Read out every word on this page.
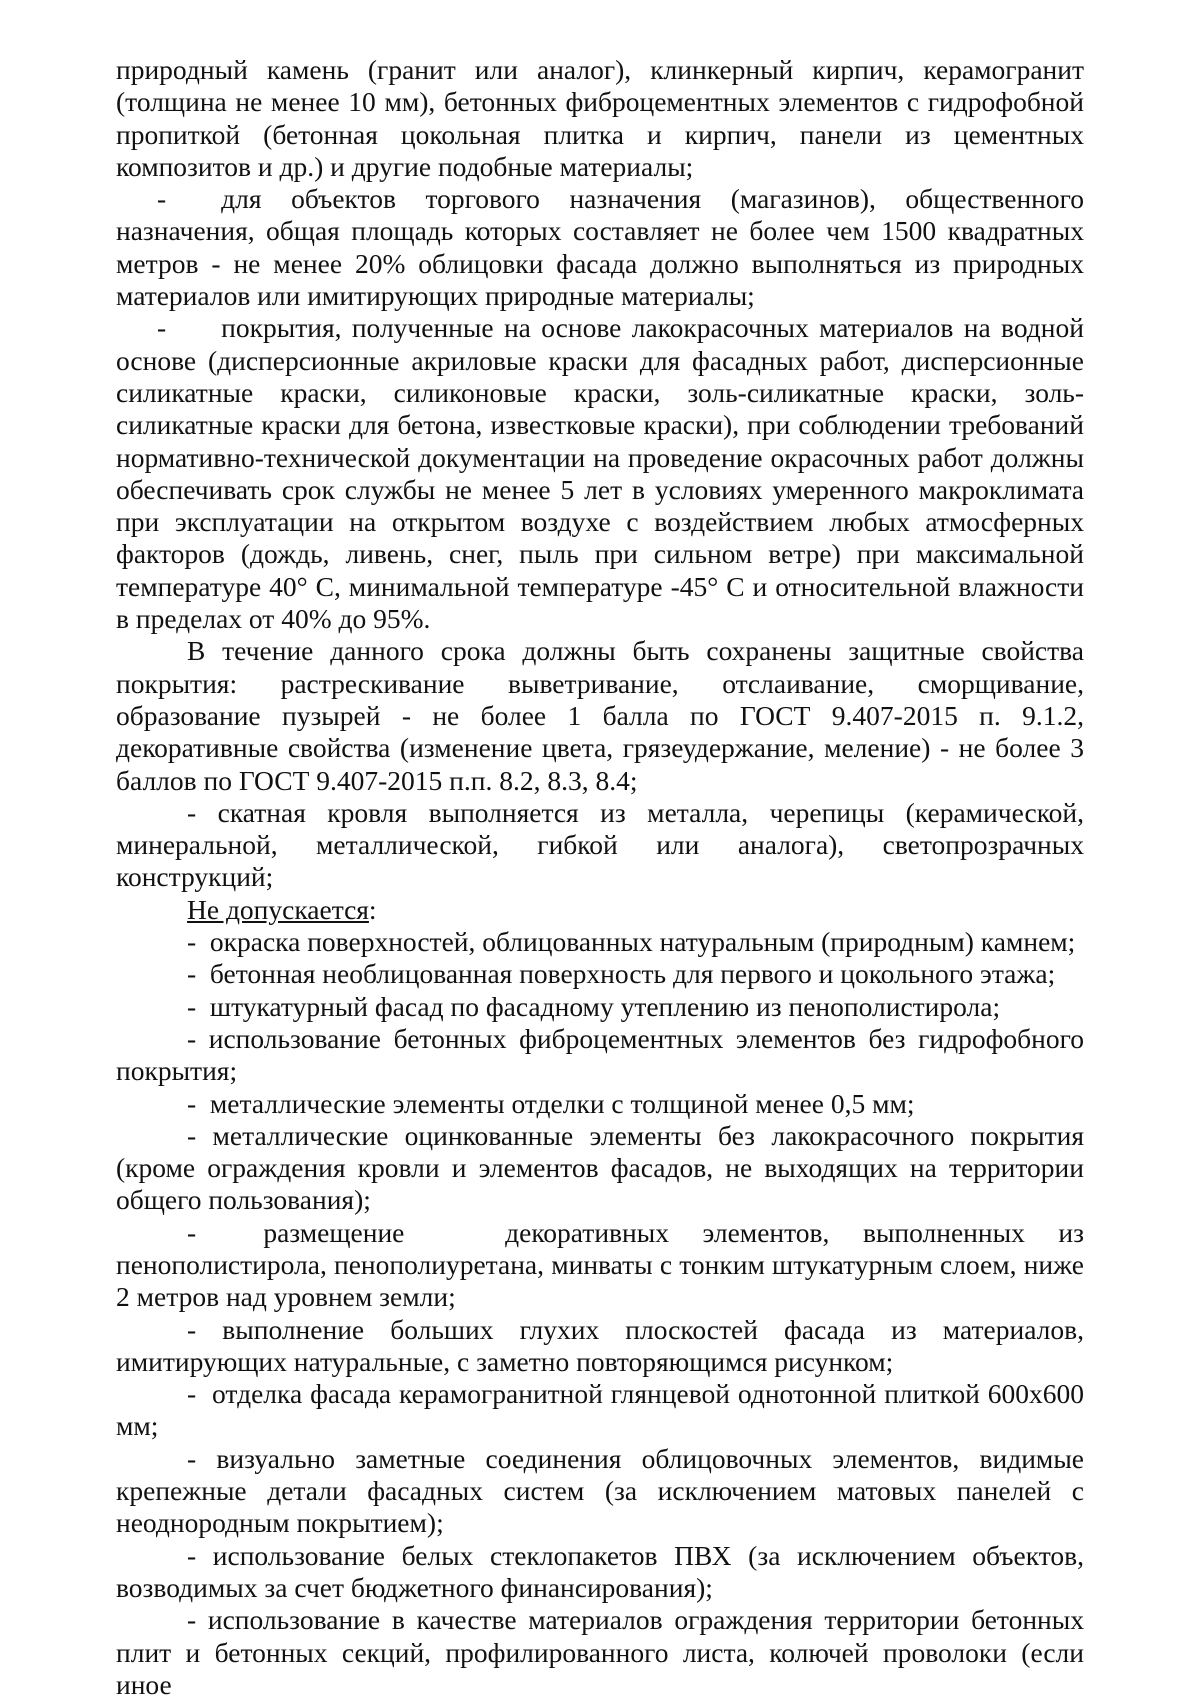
природный камень (гранит или аналог), клинкерный кирпич, керамогранит (толщина не менее 10 мм), бетонных фиброцементных элементов с гидрофобной пропиткой (бетонная цокольная плитка и кирпич, панели из цементных композитов и др.) и другие подобные материалы;

-  для объектов торгового назначения (магазинов), общественного назначения, общая площадь которых составляет не более чем 1500 квадратных метров - не менее 20% облицовки фасада должно выполняться из природных материалов или имитирующих природные материалы;

-  покрытия, полученные на основе лакокрасочных материалов на водной основе (дисперсионные акриловые краски для фасадных работ, дисперсионные силикатные краски, силиконовые краски, золь-силикатные краски, золь-силикатные краски для бетона, известковые краски), при соблюдении требований нормативно-технической документации на проведение окрасочных работ должны обеспечивать срок службы не менее 5 лет в условиях умеренного макроклимата при эксплуатации на открытом воздухе с воздействием любых атмосферных факторов (дождь, ливень, снег, пыль при сильном ветре) при максимальной температуре 40° С, минимальной температуре -45° С и относительной влажности в пределах от 40% до 95%.

В течение данного срока должны быть сохранены защитные свойства покрытия: растрескивание выветривание, отслаивание, сморщивание, образование пузырей - не более 1 балла по ГОСТ 9.407-2015 п. 9.1.2, декоративные свойства (изменение цвета, грязеудержание, меление) - не более 3 баллов по ГОСТ 9.407-2015 п.п. 8.2, 8.3, 8.4;

- скатная кровля выполняется из металла, черепицы (керамической, минеральной, металлической, гибкой или аналога), светопрозрачных конструкций;

Не допускается:

-  окраска поверхностей, облицованных натуральным (природным) камнем;

-  бетонная необлицованная поверхность для первого и цокольного этажа;

-  штукатурный фасад по фасадному утеплению из пенополистирола;

- использование бетонных фиброцементных элементов без гидрофобного покрытия;

-  металлические элементы отделки с толщиной менее 0,5 мм;

- металлические оцинкованные элементы без лакокрасочного покрытия (кроме ограждения кровли и элементов фасадов, не выходящих на территории общего пользования);

-  размещение   декоративных элементов, выполненных из пенополистирола, пенополиуретана, минваты с тонким штукатурным слоем, ниже 2 метров над уровнем земли;

- выполнение больших глухих плоскостей фасада из материалов, имитирующих натуральные, с заметно повторяющимся рисунком;

-  отделка фасада керамогранитной глянцевой однотонной плиткой 600x600 мм;

- визуально заметные соединения облицовочных элементов, видимые крепежные детали фасадных систем (за исключением матовых панелей с неоднородным покрытием);

- использование белых стеклопакетов ПВХ (за исключением объектов, возводимых за счет бюджетного финансирования);

- использование в качестве материалов ограждения территории бетонных плит и бетонных секций, профилированного листа, колючей проволоки (если иное
